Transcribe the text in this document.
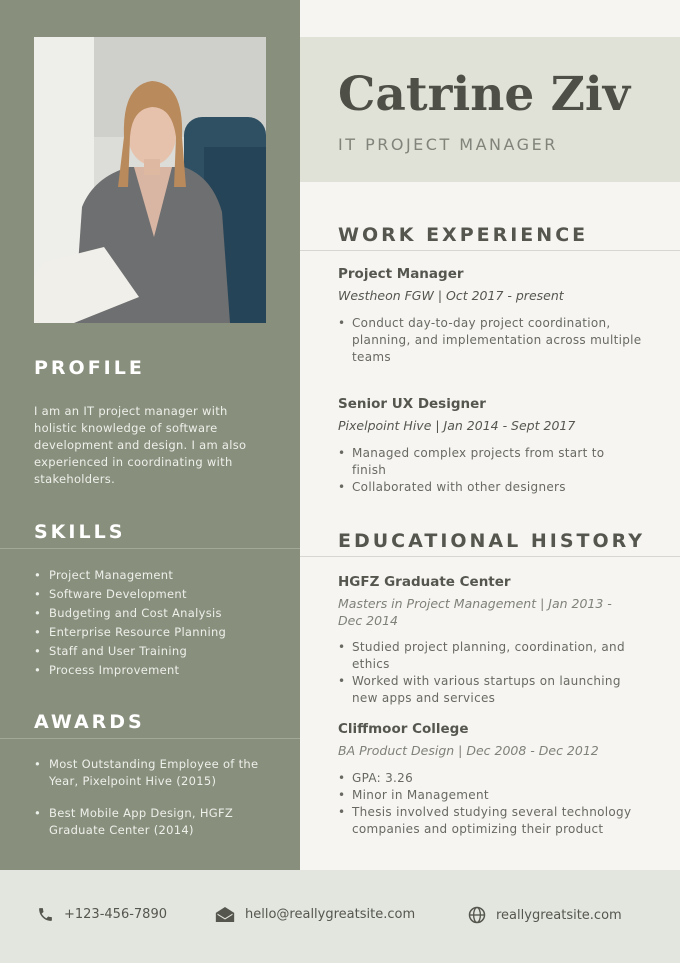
PROFILE

I am an IT project manager with holistic knowledge of software development and design. I am also experienced in coordinating with stakeholders.

SKILLS
• Project Management
• Software Development
• Budgeting and Cost Analysis
• Enterprise Resource Planning
• Staff and User Training
• Process Improvement
AWARDS
• Most Outstanding Employee of the Year, Pixelpoint Hive (2015)
• Best Mobile App Design, HGFZ Graduate Center (2014)
Catrine Ziv

IT PROJECT MANAGER

WORK EXPERIENCE
Project Manager

Westheon FGW | Oct 2017 - present

• Conduct day-to-day project coordination, planning, and implementation across multiple teams
Senior UX Designer

Pixelpoint Hive | Jan 2014 - Sept 2017

• Managed complex projects from start to finish
• Collaborated with other designers
EDUCATIONAL HISTORY
HGFZ Graduate Center

Masters in Project Management | Jan 2013 - Dec 2014

• Studied project planning, coordination, and ethics
• Worked with various startups on launching new apps and services
Cliffmoor College

BA Product Design | Dec 2008 - Dec 2012

• GPA: 3.26
• Minor in Management
• Thesis involved studying several technology companies and optimizing their product
+123-456-7890	hello@reallygreatsite.com	reallygreatsite.com
